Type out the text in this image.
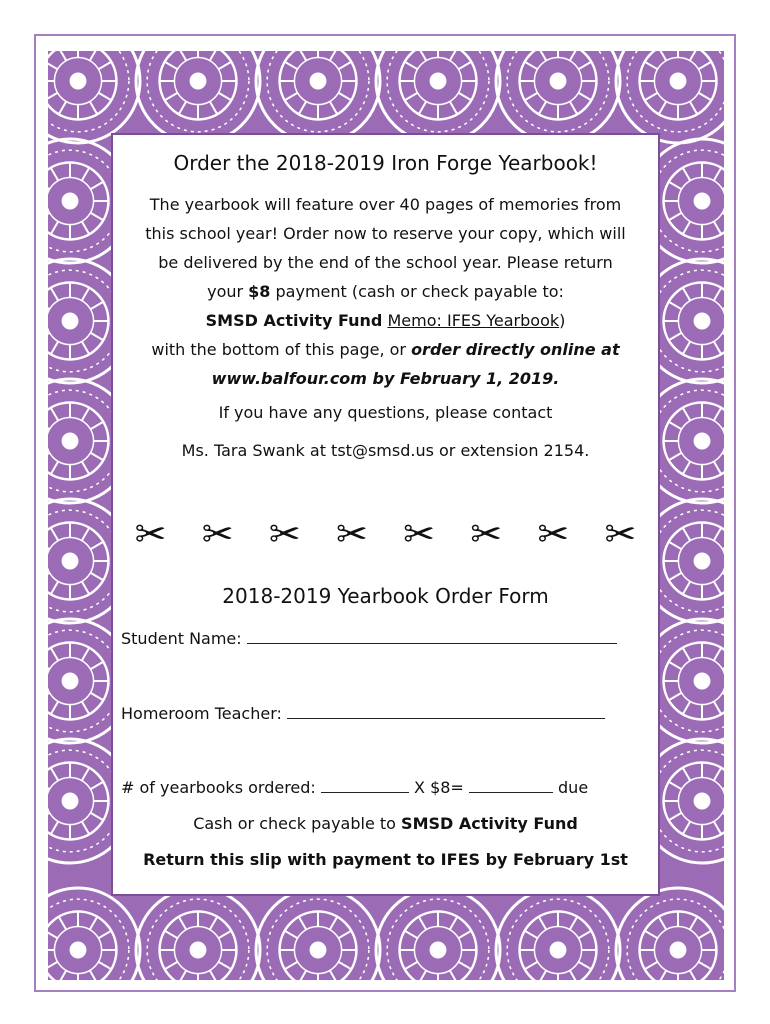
Order the 2018-2019 Iron Forge Yearbook!
The yearbook will feature over 40 pages of memories from
this school year! Order now to reserve your copy, which will
be delivered by the end of the school year. Please return
your $8 payment (cash or check payable to:
SMSD Activity Fund Memo: IFES Yearbook)
with the bottom of this page, or order directly online at
www.balfour.com by February 1, 2019.
If you have any questions, please contact
Ms. Tara Swank at tst@smsd.us or extension 2154.
✂ ✂ ✂ ✂ ✂ ✂ ✂ ✂
2018-2019 Yearbook Order Form
Student Name:
Homeroom Teacher:
# of yearbooks ordered:	X $8=	due
Cash or check payable to SMSD Activity Fund
Return this slip with payment to IFES by February 1st
